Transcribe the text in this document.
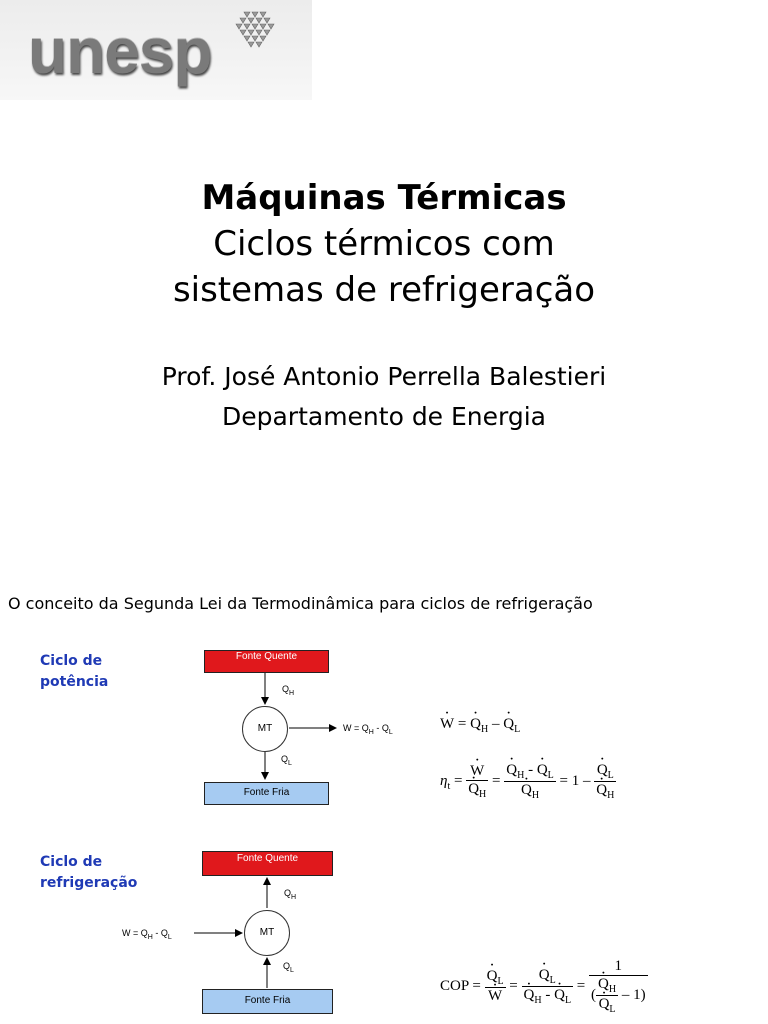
unesp
Máquinas Térmicas
Ciclos térmicos com
sistemas de refrigeração
Prof. José Antonio Perrella Balestieri
Departamento de Energia
O conceito da Segunda Lei da Termodinâmica para ciclos de refrigeração
Ciclo de
potência
Fonte Quente
$Q_H$
MT	$W = Q_H - Q_L$
$Q_L$
Fonte Fria
· W = · $Q_H$ – · $Q_L$
$\eta_t$ = · W
· $Q_H$ = · $Q_H$ - · $Q_L$
· $Q_H = 1$ – · $Q_L$
· $Q_H$
Ciclo de
refrigeração
Fonte Quente
$Q_H$
MT
$W = Q_H - Q_L$
$Q_L$
Fonte Fria
COP = · $Q_L$
· W = · $Q_L$
· $Q_H$ - · $Q_L = 1$
( · $Q_H$
· $Q_L - 1$)
